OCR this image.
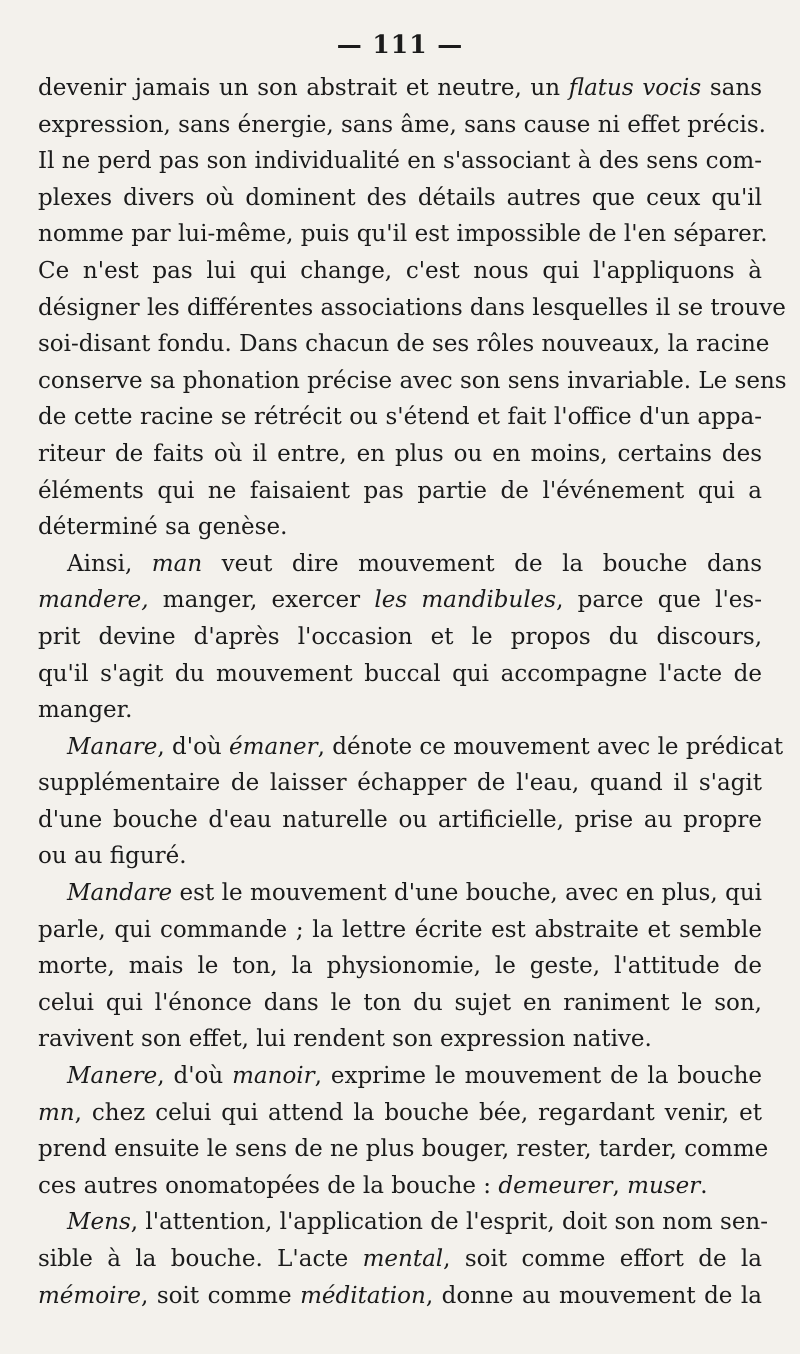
— 111 —
devenir jamais un son abstrait et neutre, un flatus vocis sans
expression, sans énergie, sans âme, sans cause ni effet précis.
Il ne perd pas son individualité en s'associant à des sens com-
plexes divers où dominent des détails autres que ceux qu'il
nomme par lui-même, puis qu'il est impossible de l'en séparer.
Ce n'est pas lui qui change, c'est nous qui l'appliquons à
désigner les différentes associations dans lesquelles il se trouve
soi-disant fondu. Dans chacun de ses rôles nouveaux, la racine
conserve sa phonation précise avec son sens invariable. Le sens
de cette racine se rétrécit ou s'étend et fait l'office d'un appa-
riteur de faits où il entre, en plus ou en moins, certains des
éléments qui ne faisaient pas partie de l'événement qui a
déterminé sa genèse.
Ainsi, man veut dire mouvement de la bouche dans
mandere, manger, exercer les mandibules, parce que l'es-
prit devine d'après l'occasion et le propos du discours,
qu'il s'agit du mouvement buccal qui accompagne l'acte de
manger.
Manare, d'où émaner, dénote ce mouvement avec le prédicat
supplémentaire de laisser échapper de l'eau, quand il s'agit
d'une bouche d'eau naturelle ou artificielle, prise au propre
ou au figuré.
Mandare est le mouvement d'une bouche, avec en plus, qui
parle, qui commande ; la lettre écrite est abstraite et semble
morte, mais le ton, la physionomie, le geste, l'attitude de
celui qui l'énonce dans le ton du sujet en raniment le son,
ravivent son effet, lui rendent son expression native.
Manere, d'où manoir, exprime le mouvement de la bouche
mn, chez celui qui attend la bouche bée, regardant venir, et
prend ensuite le sens de ne plus bouger, rester, tarder, comme
ces autres onomatopées de la bouche : demeurer, muser.
Mens, l'attention, l'application de l'esprit, doit son nom sen-
sible à la bouche. L'acte mental, soit comme effort de la
mémoire, soit comme méditation, donne au mouvement de la
